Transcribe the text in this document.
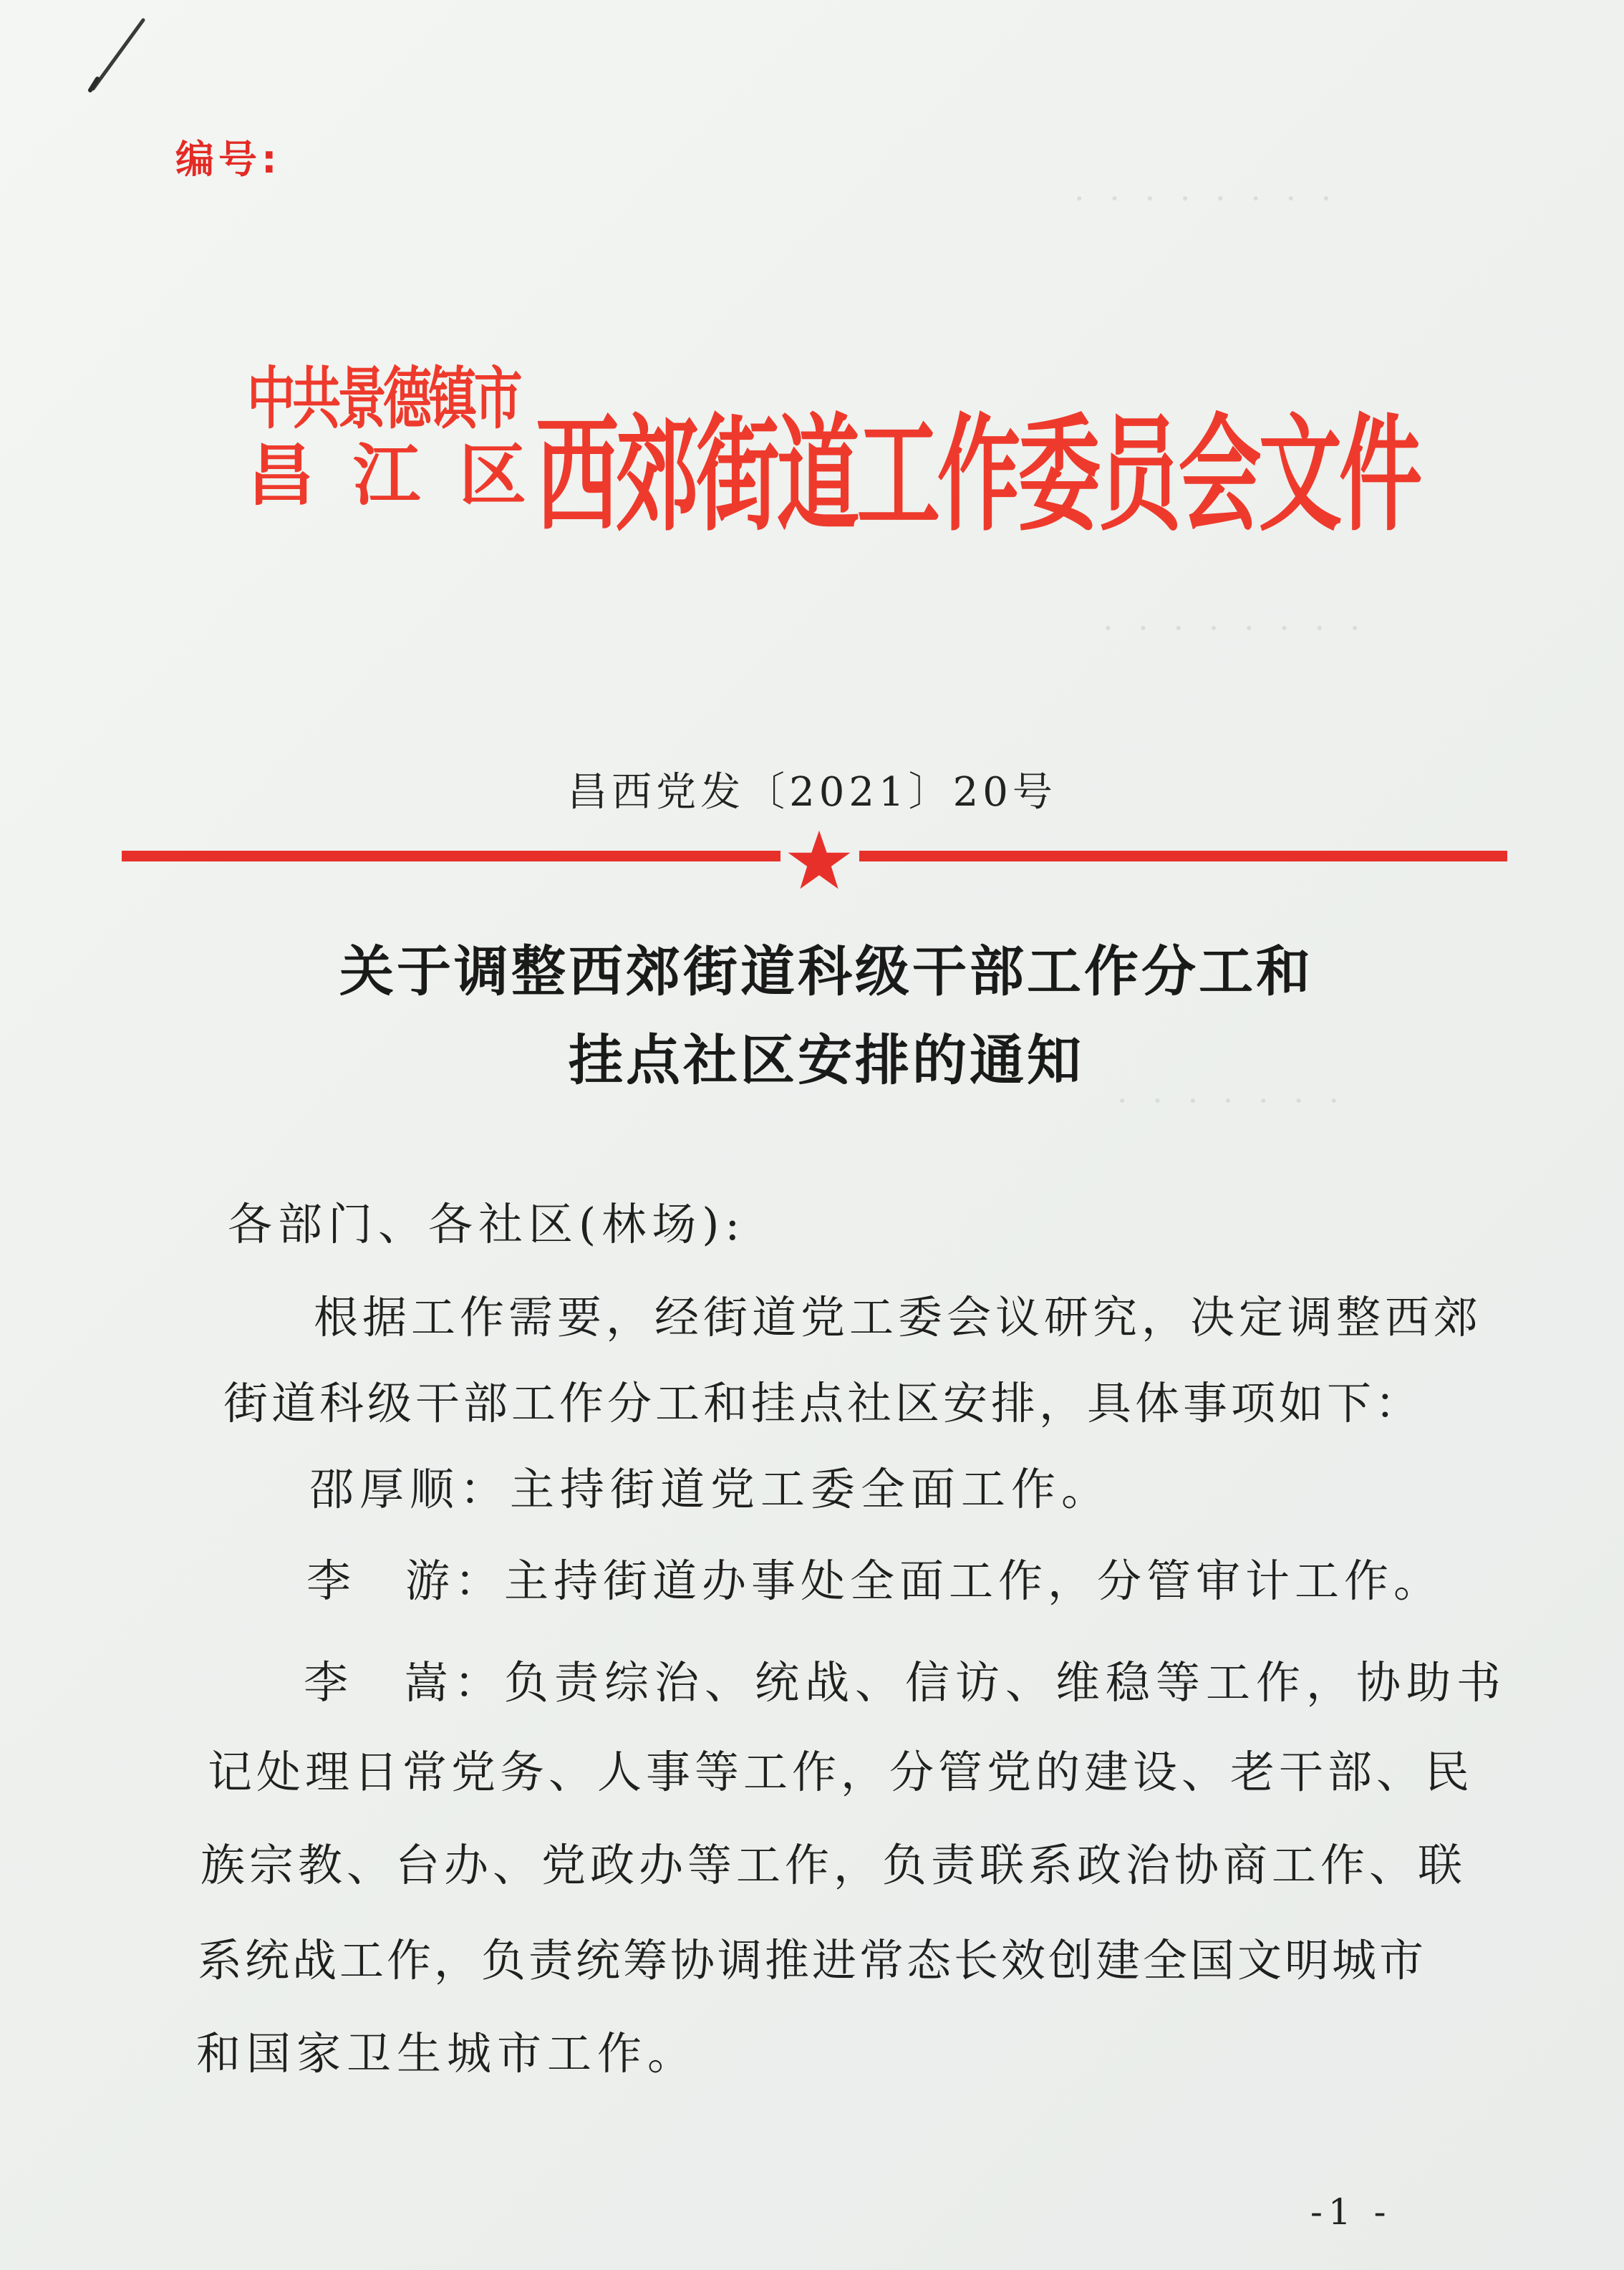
· · · · · · · ·
· · · · · · · ·
· · · · · · ·
编号:
中共景德镇市
昌 江 区 西郊街道工作委员会文件
昌西党发〔2021〕20号
关于调整西郊街道科级干部工作分工和
挂点社区安排的通知
各部门、各社区(林场):
根据工作需要，经街道党工委会议研究，决定调整西郊
街道科级干部工作分工和挂点社区安排，具体事项如下：
邵厚顺：主持街道党工委全面工作。
李　游：主持街道办事处全面工作，分管审计工作。
李　嵩：负责综治、统战、信访、维稳等工作，协助书
记处理日常党务、人事等工作，分管党的建设、老干部、民
族宗教、台办、党政办等工作，负责联系政治协商工作、联
系统战工作，负责统筹协调推进常态长效创建全国文明城市
和国家卫生城市工作。
-1 -
